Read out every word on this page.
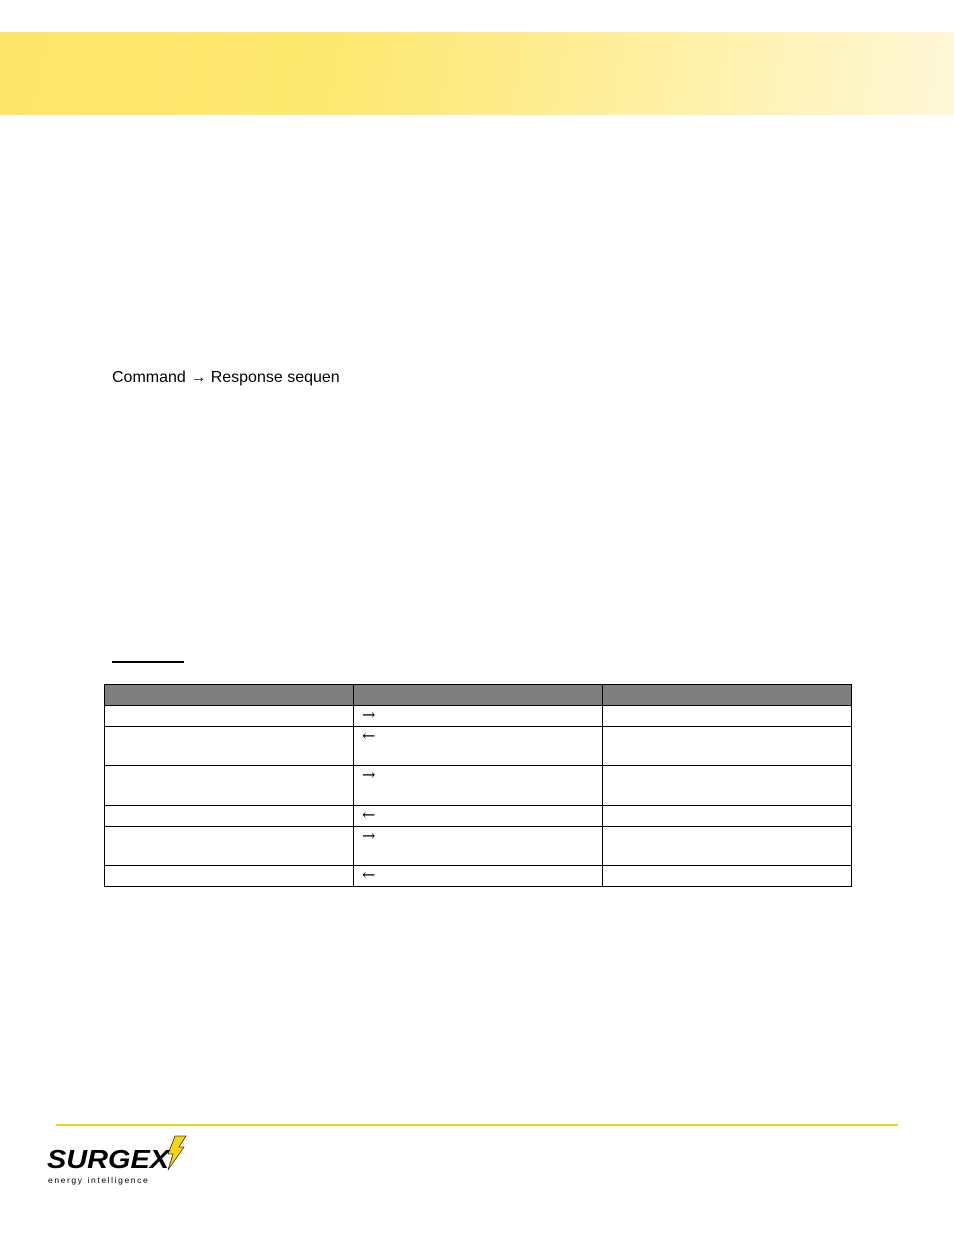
Command → Response sequen

	→	
	←	
	→	
	←	
	→	
	←	
SURGEX
energy intelligence
